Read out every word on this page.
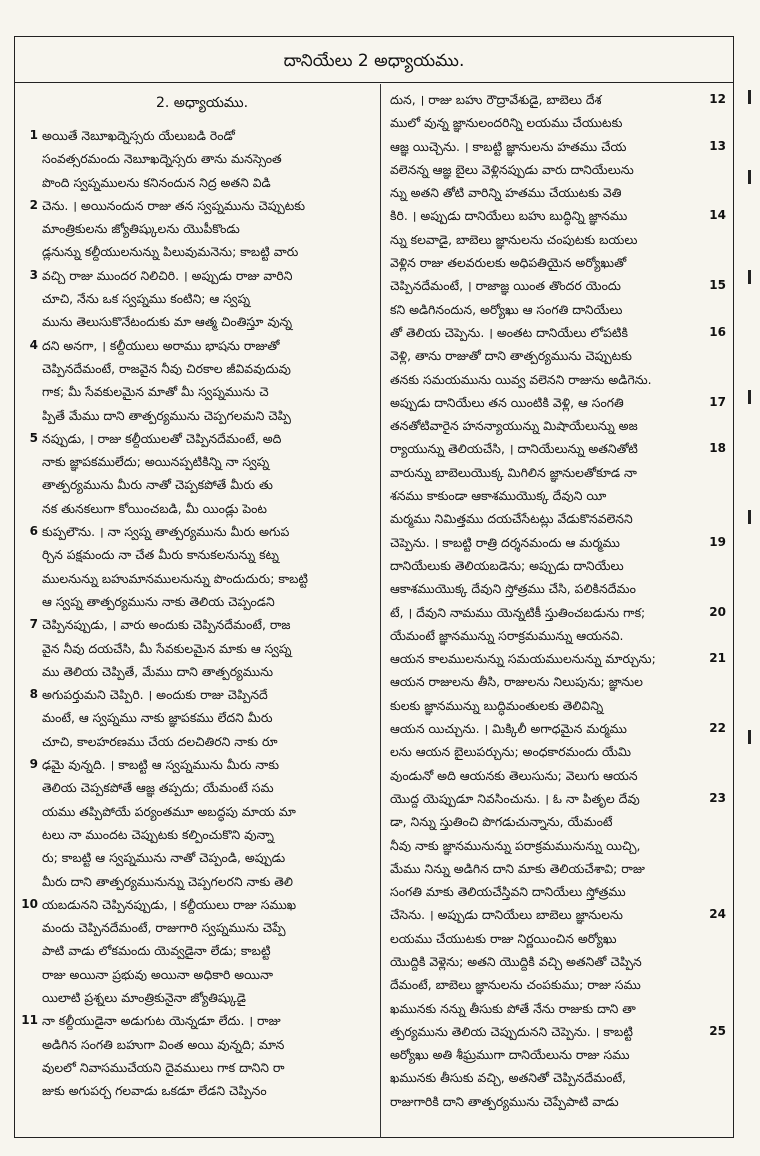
దానియేలు 2 అధ్యాయము.
2. అధ్యాయము.
1 అయితే నెబూఖద్నెస్సరు యేలుబడి రెండో
సంవత్సరమందు నెబూఖద్నెస్సరు తాను మనస్సెంత
పొంది స్వప్నములను కనినందున నిద్ర అతని విడి
2 చెను. । అయినందున రాజు తన స్వప్నమును చెప్పుటకు
మాంత్రికులను జ్యోతిష్కులను యొపీకొండు
డ్లనున్ను కల్దీయులనున్ను పిలువుమనెను; కాబట్టి వారు
3 వచ్చి రాజు ముందర నిలిచిరి. । అప్పుడు రాజు వారిని
చూచి, నేను ఒక స్వప్నము కంటిని; ఆ స్వప్న
మును తెలుసుకొనేటందుకు మా ఆత్మ చింతిస్తూ వున్న
4 దని అనగా, । కల్దీయులు అరాము భాషను రాజుతో
చెప్పినదేమంటే, రాజవైన నీవు చిరకాల జీవివవుదువు
గాక; మీ సేవకులమైన మాతో మీ స్వప్నమును చె
ప్పితే మేము దాని తాత్పర్యమును చెప్పగలమని చెప్పి
5 నప్పుడు, । రాజు కల్దీయులతో చెప్పినదేమంటే, అది
నాకు జ్ఞాపకములేదు; అయినప్పటికిన్ని నా స్వప్న
తాత్పర్యమును మీరు నాతో చెప్పకపోతే మీరు తు
నక తునకలుగా కోయించబడి, మీ యిండ్లు పెంట
6 కుప్పలౌను. । నా స్వప్న తాత్పర్యమును మీరు అగుప
ర్చిన పక్షమందు నా చేత మీరు కానుకలనున్ను కట్న
ములనున్ను బహుమానములనున్ను పొందుదురు; కాబట్టి
ఆ స్వప్న తాత్పర్యమును నాకు తెలియ చెప్పండని
7 చెప్పినప్పుడు, । వారు అందుకు చెప్పినదేమంటే, రాజ
వైన నీవు దయచేసి, మీ సేవకులమైన మాకు ఆ స్వప్న
ము తెలియ చెప్పితే, మేము దాని తాత్పర్యమును
8 అగుపర్తుమని చెప్పిరి. । అందుకు రాజు చెప్పినదే
మంటే, ఆ స్వప్నము నాకు జ్ఞాపకము లేదని మీరు
చూచి, కాలహరణము చేయ దలచితిరని నాకు రూ
9 ఢమై వున్నది. । కాబట్టి ఆ స్వప్నమును మీరు నాకు
తెలియ చెప్పకపోతే ఆజ్ఞ తప్పదు; యేమంటే సమ
యము తప్పిపోయే పర్యంతమూ అబద్ధపు మాయ మా
టలు నా ముందట చెప్పుటకు కల్పించుకొని వున్నా
రు; కాబట్టి ఆ స్వప్నమును నాతో చెప్పండి, అప్పుడు
మీరు దాని తాత్పర్యమునున్ను చెప్పగలరని నాకు తెలి
10 యబడునని చెప్పినప్పుడు, । కల్దీయులు రాజు సముఖ
మందు చెప్పినదేమంటే, రాజుగారి స్వప్నమును చెప్పే
పాటి వాడు లోకమందు యెవ్వడైనా లేడు; కాబట్టి
రాజు అయినా ప్రభువు అయినా అధికారి అయినా
యిలాటి ప్రశ్నలు మాంత్రికునైనా జ్యోతిష్కుడై
11 నా కల్దీయుడైనా అడుగుట యెన్నడూ లేదు. । రాజు
అడిగిన సంగతి బహుగా వింత అయి వున్నది; మాన
వులలో నివాసముచేయని దైవములు గాక దానిని రా
జుకు అగుపర్చ గలవాడు ఒకడూ లేడని చెప్పినం
12
దున, । రాజు బహు రౌద్రావేశుడై, బాబెలు దేశ
ములో వున్న జ్ఞానులందరిన్ని లయము చేయుటకు
13
ఆజ్ఞ యిచ్చెను. । కాబట్టి జ్ఞానులను హతము చేయ
వలెనన్న ఆజ్ఞ బైలు వెళ్లినప్పుడు వారు దానియేలును
న్ను అతని తోటి వారిన్ని హతము చేయుటకు వెతి
14
కిరి. । అప్పుడు దానియేలు బహు బుద్ధిన్ని జ్ఞానము
న్ను కలవాడై, బాబెలు జ్ఞానులను చంపుటకు బయలు
వెళ్లిన రాజు తలవరులకు అధిపతియైన అర్యోఖుతో
15
చెప్పినదేమంటే, । రాజాజ్ఞ యింత తొందర యెందు
కని అడిగినందున, అర్యోఖు ఆ సంగతి దానియేలు
16
తో తెలియ చెప్పెను. । అంతట దానియేలు లోపటికి
వెళ్లి, తాను రాజుతో దాని తాత్పర్యమును చెప్పుటకు
తనకు సమయమును యివ్వ వలెనని రాజును అడిగెను.
17
అప్పుడు దానియేలు తన యింటికి వెళ్లి, ఆ సంగతి
తనతోటివారైన హనన్యాయున్ను మిషాయేలున్ను అజ
18
ర్యాయున్ను తెలియచేసి, । దానియేలున్ను అతనితోటి
వారున్ను బాబెలుయొక్క మిగిలిన జ్ఞానులతోకూడ నా
శనము కాకుండా ఆకాశముయొక్క దేవుని యీ
మర్మము నిమిత్తము దయచేసేటట్లు వేడుకొనవలెనని
19
చెప్పెను. । కాబట్టి రాత్రి దర్శనమందు ఆ మర్మము
దానియేలుకు తెలియబడెను; అప్పుడు దానియేలు
ఆకాశముయొక్క దేవుని స్తోత్రము చేసి, పలికినదేమం
20
టే, । దేవుని నామము యెన్నటికీ స్తుతించబడును గాక;
యేమంటే జ్ఞానమున్ను సరాక్రమమున్ను ఆయనవి.
21
ఆయన కాలములనున్ను సమయములనున్ను మార్చును;
ఆయన రాజులను తీసి, రాజులను నిలుపును; జ్ఞానుల
కులకు జ్ఞానమున్ను బుద్ధిమంతులకు తెలివిన్ని
22
ఆయన యిచ్చును. । మిక్కిలీ అగాధమైన మర్మము
లను ఆయన బైలుపర్చును; అంధకారమందు యేమి
వుండునో అది ఆయనకు తెలుసును; వెలుగు ఆయన
23
యొద్ద యెప్పుడూ నివసించును. । ఓ నా పితృల దేవు
డా, నిన్ను స్తుతించి పొగడుచున్నాను, యేమంటే
నీవు నాకు జ్ఞానమునున్ను పరాక్రమమునున్ను యిచ్చి,
మేము నిన్ను అడిగిన దాని మాకు తెలియచేశావి; రాజు
సంగతి మాకు తెలియచేస్తివని దానియేలు స్తోత్రము
24
చేసెను. । అప్పుడు దానియేలు బాబెలు జ్ఞానులను
లయము చేయుటకు రాజు నిర్ణయించిన అర్యోఖు
యొద్దికి వెళ్లెను; అతని యొద్దికి వచ్చి అతనితో చెప్పిన
దేమంటే, బాబెలు జ్ఞానులను చంపకుము; రాజు సము
ఖమునకు నన్ను తీసుకు పోతే నేను రాజుకు దాని తా
25
త్పర్యమును తెలియ చెప్పుదునని చెప్పెను. । కాబట్టి
అర్యోఖు అతి శీఘ్రముగా దానియేలును రాజు సము
ఖమునకు తీసుకు వచ్చి, అతనితో చెప్పినదేమంటే,
రాజుగారికి దాని తాత్పర్యమును చెప్పేపాటి వాడు
